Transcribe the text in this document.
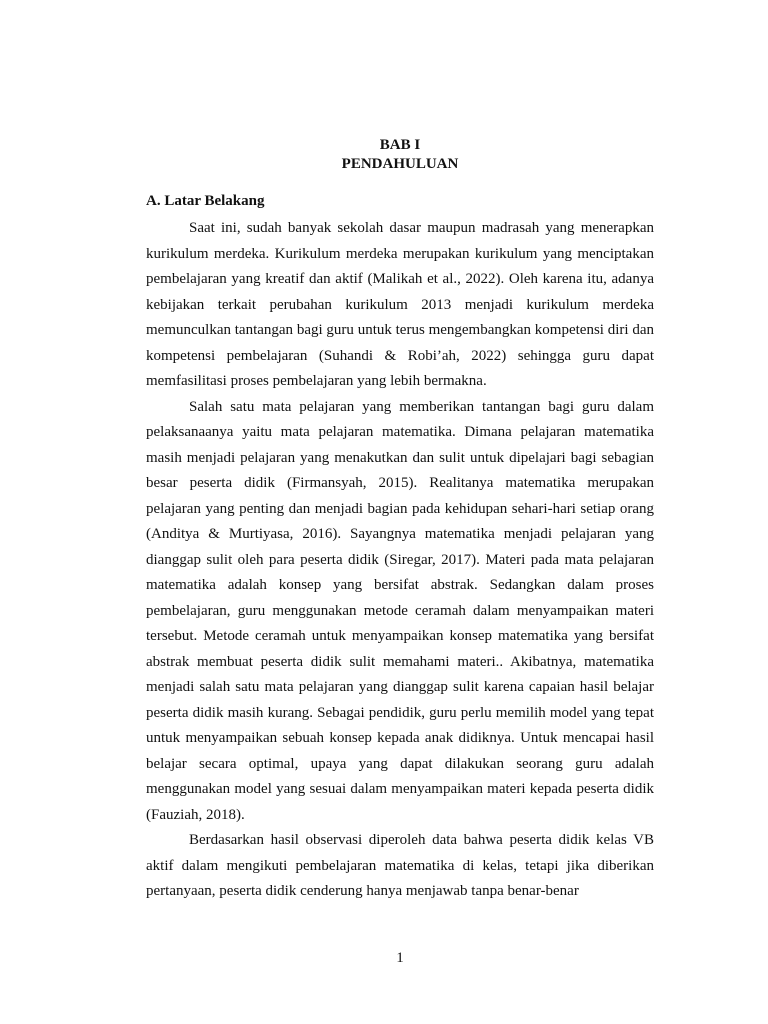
BAB I
PENDAHULUAN
A. Latar Belakang

Saat ini, sudah banyak sekolah dasar maupun madrasah yang menerapkan kurikulum merdeka. Kurikulum merdeka merupakan kurikulum yang menciptakan pembelajaran yang kreatif dan aktif (Malikah et al., 2022). Oleh karena itu, adanya kebijakan terkait perubahan kurikulum 2013 menjadi kurikulum merdeka memunculkan tantangan bagi guru untuk terus mengembangkan kompetensi diri dan kompetensi pembelajaran (Suhandi & Robi’ah, 2022) sehingga guru dapat memfasilitasi proses pembelajaran yang lebih bermakna.

Salah satu mata pelajaran yang memberikan tantangan bagi guru dalam pelaksanaanya yaitu mata pelajaran matematika. Dimana pelajaran matematika masih menjadi pelajaran yang menakutkan dan sulit untuk dipelajari bagi sebagian besar peserta didik (Firmansyah, 2015). Realitanya matematika merupakan pelajaran yang penting dan menjadi bagian pada kehidupan sehari-hari setiap orang (Anditya & Murtiyasa, 2016). Sayangnya matematika menjadi pelajaran yang dianggap sulit oleh para peserta didik (Siregar, 2017). Materi pada mata pelajaran matematika adalah konsep yang bersifat abstrak. Sedangkan dalam proses pembelajaran, guru menggunakan metode ceramah dalam menyampaikan materi tersebut. Metode ceramah untuk menyampaikan konsep matematika yang bersifat abstrak membuat peserta didik sulit memahami materi.. Akibatnya, matematika menjadi salah satu mata pelajaran yang dianggap sulit karena capaian hasil belajar peserta didik masih kurang. Sebagai pendidik, guru perlu memilih model yang tepat untuk menyampaikan sebuah konsep kepada anak didiknya. Untuk mencapai hasil belajar secara optimal, upaya yang dapat dilakukan seorang guru adalah menggunakan model yang sesuai dalam menyampaikan materi kepada peserta didik (Fauziah, 2018).

Berdasarkan hasil observasi diperoleh data bahwa peserta didik kelas VB aktif dalam mengikuti pembelajaran matematika di kelas, tetapi jika diberikan pertanyaan, peserta didik cenderung hanya menjawab tanpa benar-benar

1
